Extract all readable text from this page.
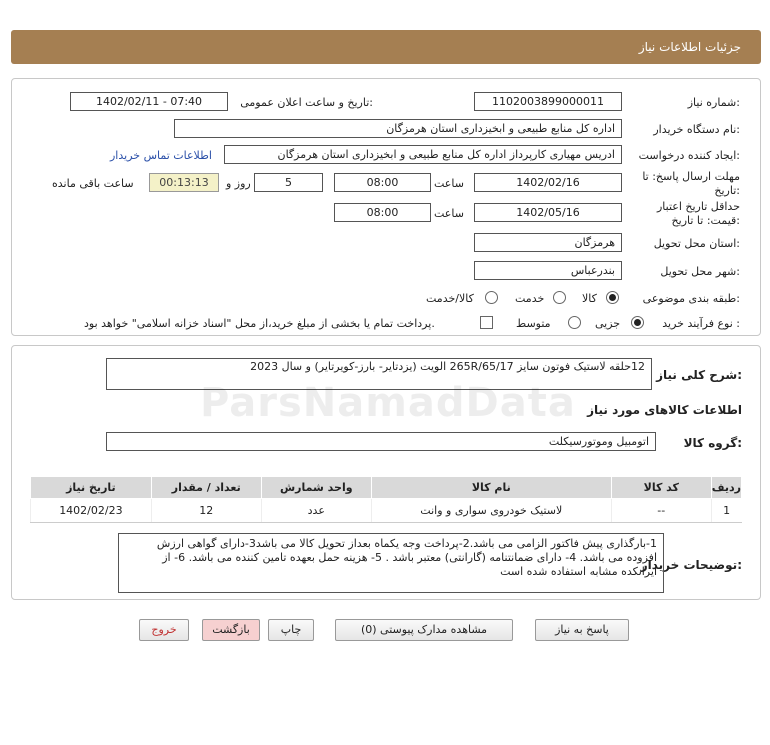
جزئیات اطلاعات نیاز
شماره نیاز:
1102003899000011
تاریخ و ساعت اعلان عمومی:
1402/02/11 - 07:40
نام دستگاه خریدار:
اداره کل منابع طبیعی و ابخیزداری استان هرمزگان
ایجاد کننده درخواست:
ادریس مهیاری کارپرداز اداره کل منابع طبیعی و ابخیزداری استان هرمزگان
اطلاعات تماس خریدار
مهلت ارسال پاسخ: تا
تاریخ:
1402/02/16
ساعت
08:00
5
روز و
00:13:13
ساعت باقی مانده
حداقل تاریخ اعتبار
قیمت: تا تاریخ:
1402/05/16
ساعت
08:00
استان محل تحویل:
هرمزگان
شهر محل تحویل:
بندرعباس
طبقه بندی موضوعی:
کالا
خدمت
کالا/خدمت
نوع فرآیند خرید :
جزیی
متوسط
پرداخت تمام یا بخشی از مبلغ خرید،از محل "اسناد خزانه اسلامی" خواهد بود.
شرح کلی نیاز:
12حلقه لاستیک فوتون سایز 265R/65/17 الویت (یزدتایر- بارز-کویرتایر) و سال 2023
اطلاعات کالاهای مورد نیاز
گروه کالا:
اتومبیل وموتورسیکلت
ردیف	کد کالا	نام کالا	واحد شمارش	تعداد / مقدار	تاریخ نیاز
1	--	لاستیک خودروی سواری و وانت	عدد	12	1402/02/23
توضیحات خریدار:
1-بارگذاری پیش فاکتور الزامی می باشد.2-پرداخت وجه یکماه بعداز تحویل کالا می باشد3-دارای گواهی ارزش افزوده می باشد. 4- دارای ضمانتنامه (گارانتی) معتبر باشد . 5- هزینه حمل بعهده تامین کننده می باشد. 6- از ایرانکده مشابه استفاده شده است
ParsNamadData
پاسخ به نیاز
مشاهده مدارک پیوستی (0)
چاپ
بازگشت
خروج
